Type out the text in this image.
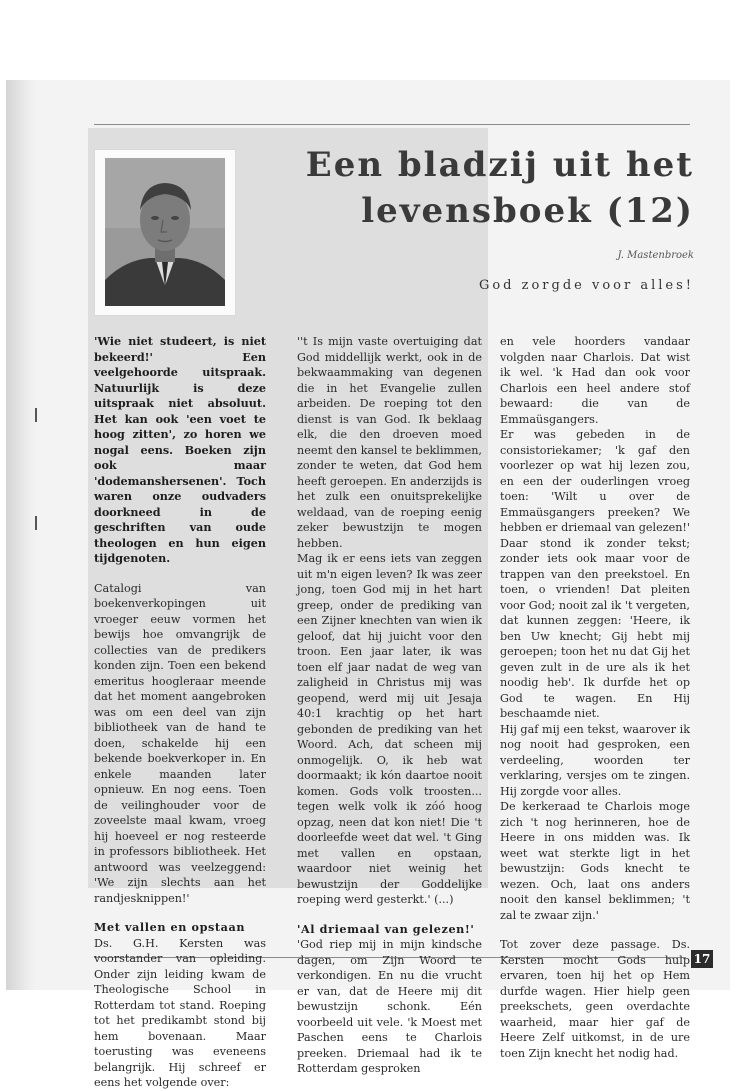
Een bladzij uit het
levensboek (12)
J. Mastenbroek
God zorgde voor alles!

'Wie niet studeert, is niet bekeerd!' Een veelgehoorde uitspraak. Natuurlijk is deze uitspraak niet absoluut. Het kan ook 'een voet te hoog zitten', zo horen we nogal eens. Boeken zijn ook maar 'dodemanshersenen'. Toch waren onze oudvaders doorkneed in de geschriften van oude theologen en hun eigen tijdgenoten.

Catalogi van boekenverkopingen uit vroeger eeuw vormen het bewijs hoe omvangrijk de collecties van de predikers konden zijn. Toen een bekend emeritus hoogleraar meende dat het moment aangebroken was om een deel van zijn bibliotheek van de hand te doen, schakelde hij een bekende boekverkoper in. En enkele maanden later opnieuw. En nog eens. Toen de veilinghouder voor de zoveelste maal kwam, vroeg hij hoeveel er nog resteerde in professors bibliotheek. Het antwoord was veelzeggend: 'We zijn slechts aan het randjesknippen!'

Met vallen en opstaan

Ds. G.H. Kersten was voorstander van opleiding. Onder zijn leiding kwam de Theologische School in Rotterdam tot stand. Roeping tot het predikambt stond bij hem bovenaan. Maar toerusting was eveneens belangrijk. Hij schreef er eens het volgende over:

''t Is mijn vaste overtuiging dat God middellijk werkt, ook in de bekwaammaking van degenen die in het Evangelie zullen arbeiden. De roeping tot den dienst is van God. Ik beklaag elk, die den droeven moed neemt den kansel te beklimmen, zonder te weten, dat God hem heeft geroepen. En anderzijds is het zulk een onuitsprekelijke weldaad, van de roeping eenig zeker bewustzijn te mogen hebben.

Mag ik er eens iets van zeggen uit m'n eigen leven? Ik was zeer jong, toen God mij in het hart greep, onder de prediking van een Zijner knechten van wien ik geloof, dat hij juicht voor den troon. Een jaar later, ik was toen elf jaar nadat de weg van zaligheid in Christus mij was geopend, werd mij uit Jesaja 40:1 krachtig op het hart gebonden de prediking van het Woord. Ach, dat scheen mij onmogelijk. O, ik heb wat doormaakt; ik kón daartoe nooit komen. Gods volk troosten... tegen welk volk ik zóó hoog opzag, neen dat kon niet! Die 't doorleefde weet dat wel. 't Ging met vallen en opstaan, waardoor niet weinig het bewustzijn der Goddelijke roeping werd gesterkt.' (...)

'Al driemaal van gelezen!'

'God riep mij in mijn kindsche dagen, om Zijn Woord te verkondigen. En nu die vrucht er van, dat de Heere mij dit bewustzijn schonk. Eén voorbeeld uit vele. 'k Moest met Paschen eens te Charlois preeken. Driemaal had ik te Rotterdam gesproken

en vele hoorders vandaar volgden naar Charlois. Dat wist ik wel. 'k Had dan ook voor Charlois een heel andere stof bewaard: die van de Emmaüsgangers.

Er was gebeden in de consistoriekamer; 'k gaf den voorlezer op wat hij lezen zou, en een der ouderlingen vroeg toen: 'Wilt u over de Emmaüsgangers preeken? We hebben er driemaal van gelezen!' Daar stond ik zonder tekst; zonder iets ook maar voor de trappen van den preekstoel. En toen, o vrienden! Dat pleiten voor God; nooit zal ik 't vergeten, dat kunnen zeggen: 'Heere, ik ben Uw knecht; Gij hebt mij geroepen; toon het nu dat Gij het geven zult in de ure als ik het noodig heb'. Ik durfde het op God te wagen. En Hij beschaamde niet.

Hij gaf mij een tekst, waarover ik nog nooit had gesproken, een verdeeling, woorden ter verklaring, versjes om te zingen. Hij zorgde voor alles.

De kerkeraad te Charlois moge zich 't nog herinneren, hoe de Heere in ons midden was. Ik weet wat sterkte ligt in het bewustzijn: Gods knecht te wezen. Och, laat ons anders nooit den kansel beklimmen; 't zal te zwaar zijn.'

Tot zover deze passage. Ds. Kersten mocht Gods hulp ervaren, toen hij het op Hem durfde wagen. Hier hielp geen preekschets, geen overdachte waarheid, maar hier gaf de Heere Zelf uitkomst, in de ure toen Zijn knecht het nodig had.

17
